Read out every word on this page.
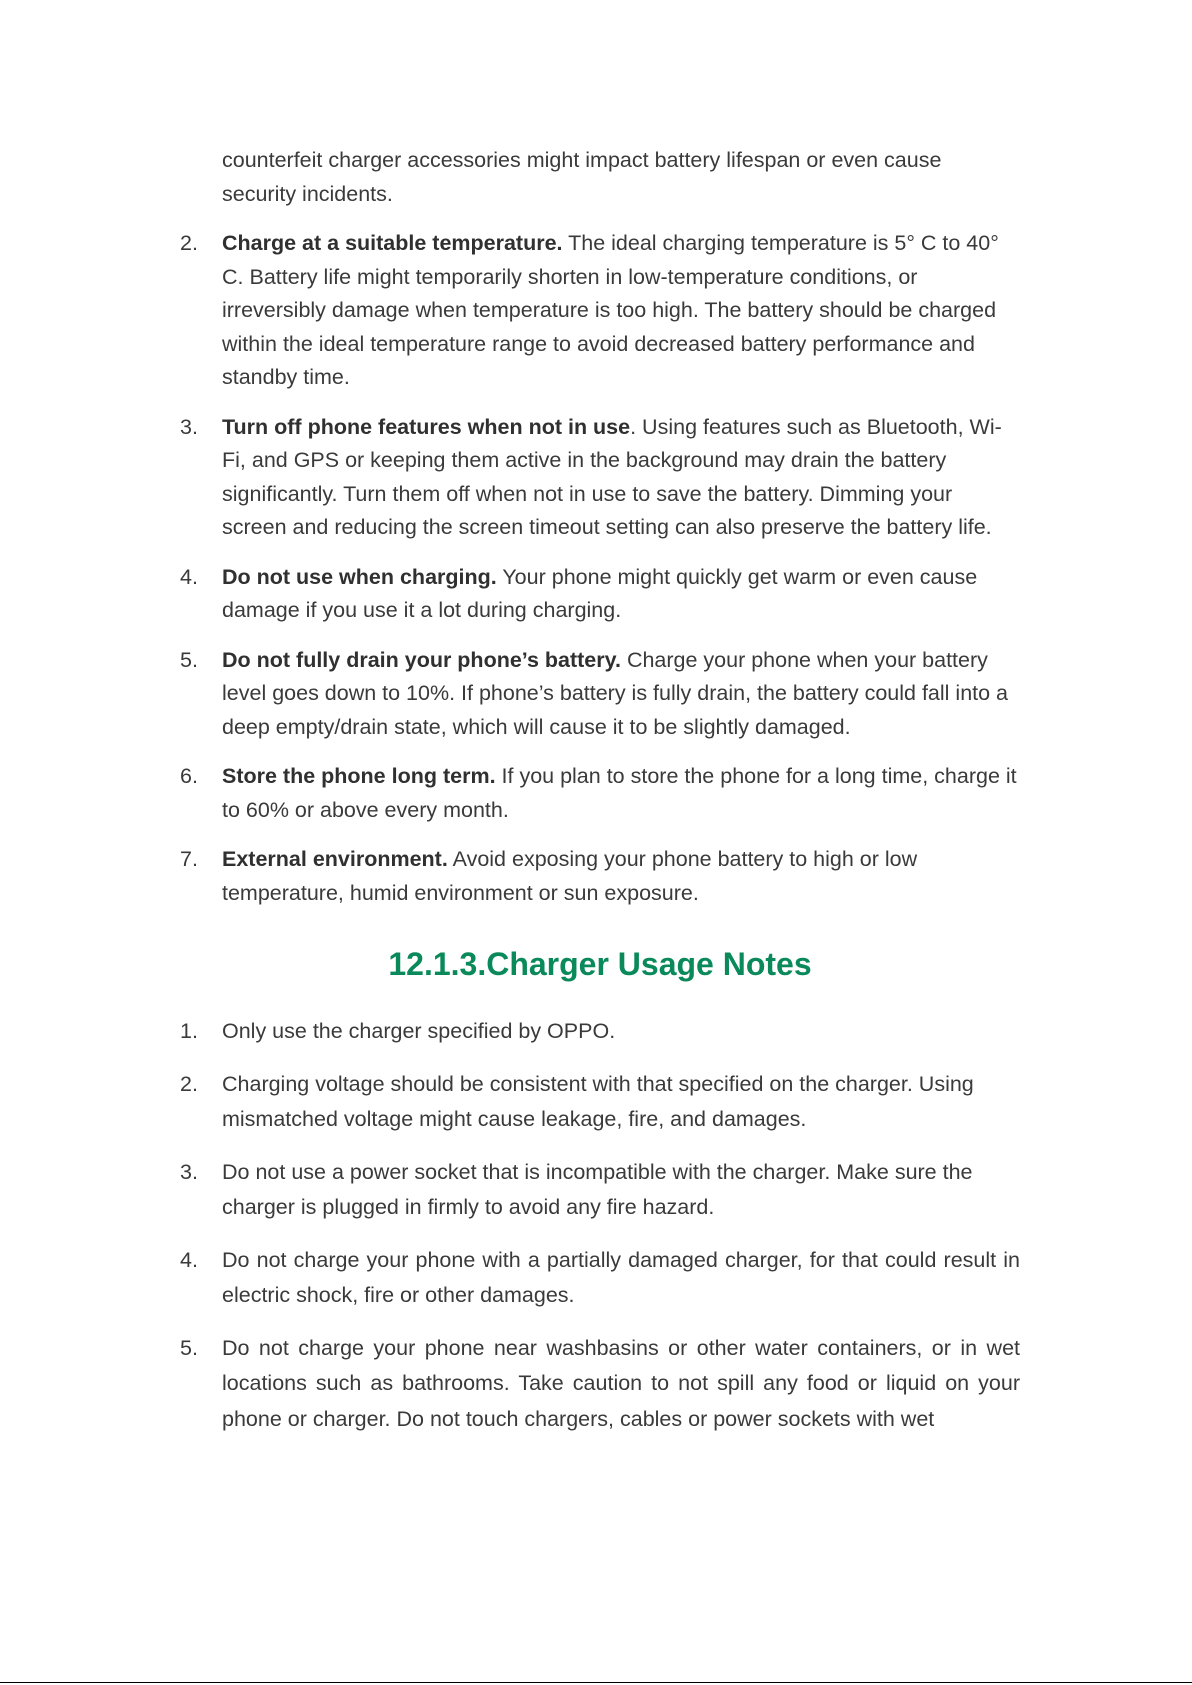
counterfeit charger accessories might impact battery lifespan or even cause security incidents.

2. Charge at a suitable temperature. The ideal charging temperature is 5° C to 40° C. Battery life might temporarily shorten in low-temperature conditions, or irreversibly damage when temperature is too high. The battery should be charged within the ideal temperature range to avoid decreased battery performance and standby time.

3. Turn off phone features when not in use. Using features such as Bluetooth, Wi-Fi, and GPS or keeping them active in the background may drain the battery significantly. Turn them off when not in use to save the battery. Dimming your screen and reducing the screen timeout setting can also preserve the battery life.

4. Do not use when charging. Your phone might quickly get warm or even cause damage if you use it a lot during charging.

5. Do not fully drain your phone’s battery. Charge your phone when your battery level goes down to 10%. If phone’s battery is fully drain, the battery could fall into a deep empty/drain state, which will cause it to be slightly damaged.

6. Store the phone long term. If you plan to store the phone for a long time, charge it to 60% or above every month.

7. External environment. Avoid exposing your phone battery to high or low temperature, humid environment or sun exposure.

12.1.3.Charger Usage Notes

1. Only use the charger specified by OPPO.

2. Charging voltage should be consistent with that specified on the charger. Using mismatched voltage might cause leakage, fire, and damages.

3. Do not use a power socket that is incompatible with the charger. Make sure the charger is plugged in firmly to avoid any fire hazard.

4. Do not charge your phone with a partially damaged charger, for that could result in electric shock, fire or other damages.

5. Do not charge your phone near washbasins or other water containers, or in wet locations such as bathrooms. Take caution to not spill any food or liquid on your phone or charger. Do not touch chargers, cables or power sockets with wet
